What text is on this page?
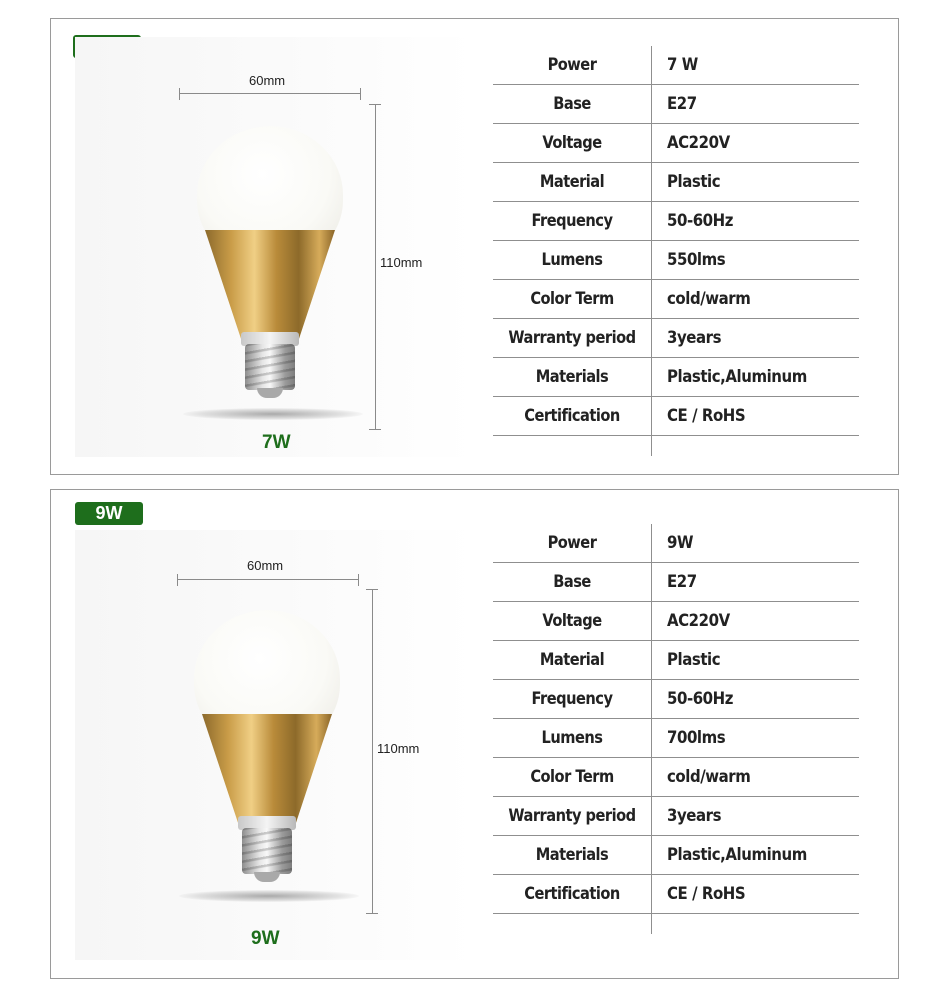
60mm
110mm
7W
Power	7 W
Base	E27
Voltage	AC220V
Material	Plastic
Frequency	50-60Hz
Lumens	550lms
Color Term	cold/warm
Warranty period 3years
Materials	Plastic,Aluminum
Certification	CE / RoHS
9W
60mm
110mm
9W
Power	9W
Base	E27
Voltage	AC220V
Material	Plastic
Frequency	50-60Hz
Lumens	700lms
Color Term	cold/warm
Warranty period 3years
Materials	Plastic,Aluminum
Certification	CE / RoHS
